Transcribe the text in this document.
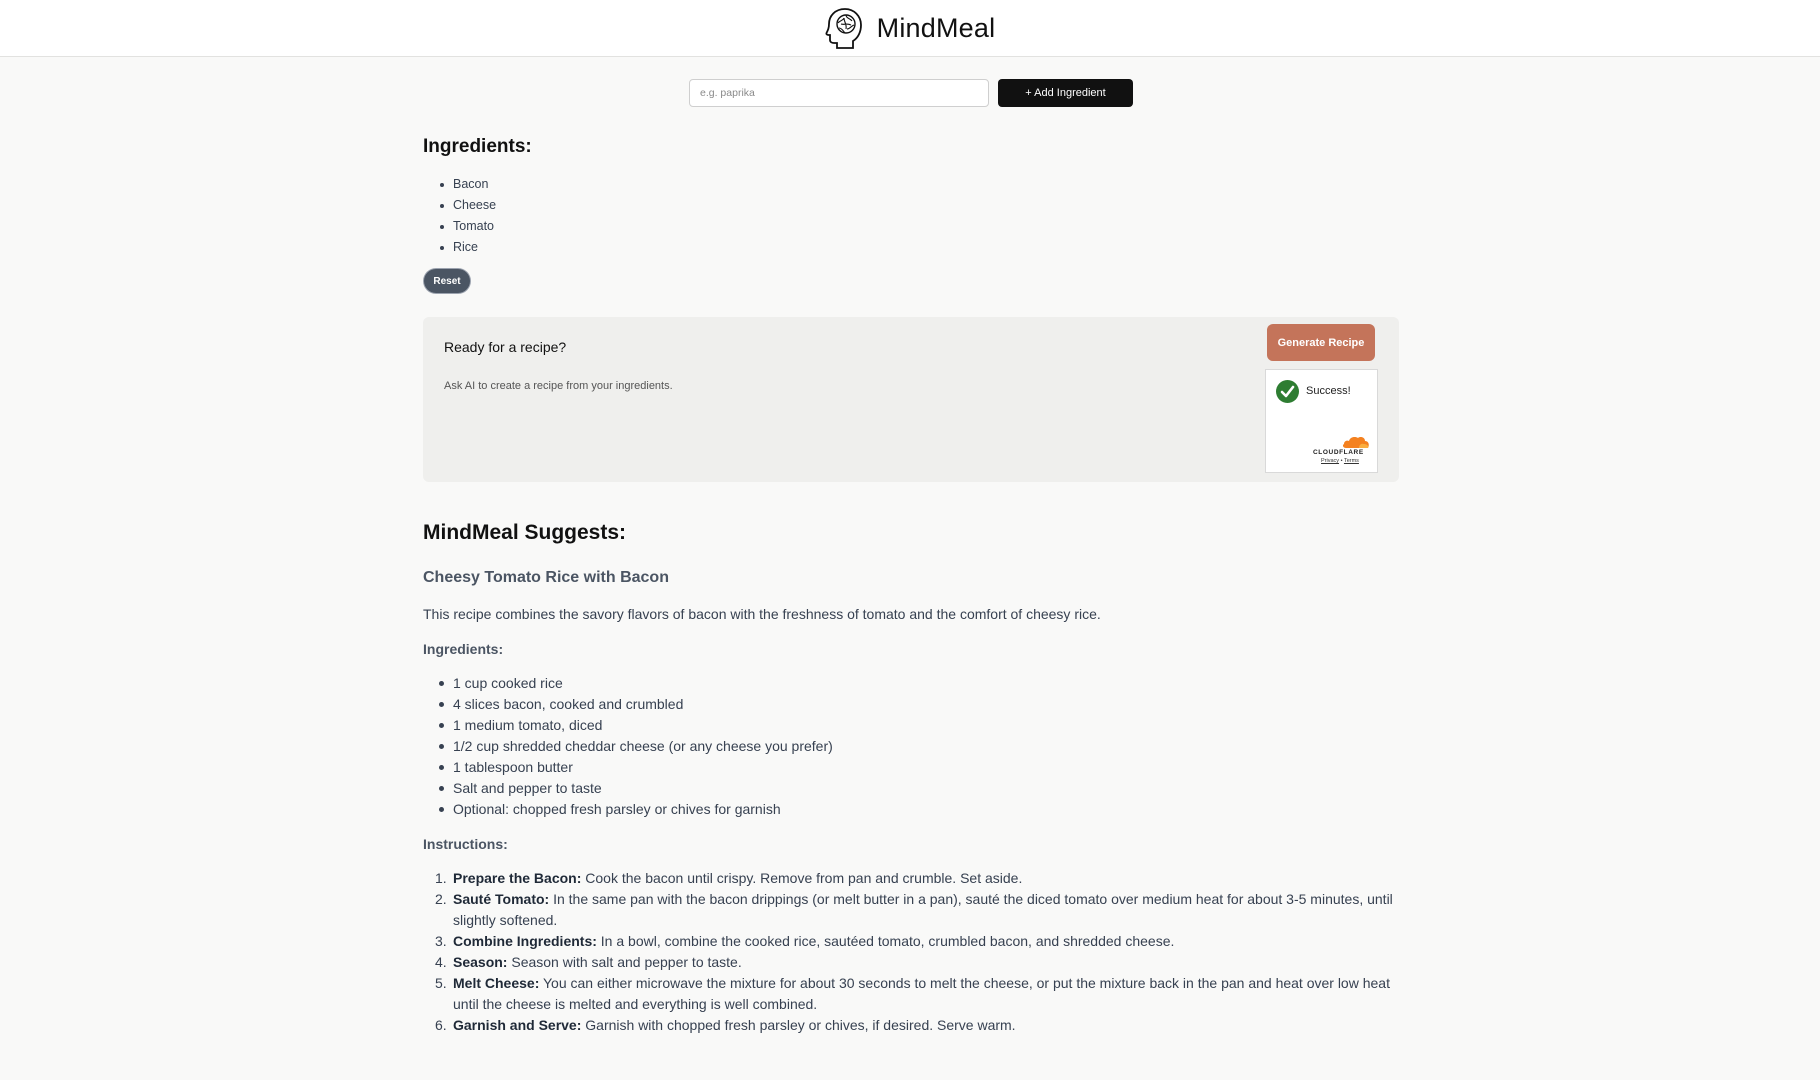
MindMeal
e.g. paprika
+ Add Ingredient
Ingredients:
Bacon
Cheese
Tomato
Rice
Reset
Ready for a recipe?
Ask AI to create a recipe from your ingredients.
Generate Recipe
Success!
CLOUDFLARE
Privacy • Terms
MindMeal Suggests:
Cheesy Tomato Rice with Bacon

This recipe combines the savory flavors of bacon with the freshness of tomato and the comfort of cheesy rice.

Ingredients:
1 cup cooked rice
4 slices bacon, cooked and crumbled
1 medium tomato, diced
1/2 cup shredded cheddar cheese (or any cheese you prefer)
1 tablespoon butter
Salt and pepper to taste
Optional: chopped fresh parsley or chives for garnish
Instructions:
1. Prepare the Bacon: Cook the bacon until crispy. Remove from pan and crumble. Set aside.
2. Sauté Tomato: In the same pan with the bacon drippings (or melt butter in a pan), sauté the diced tomato over medium heat for about 3-5 minutes, until slightly softened.
3. Combine Ingredients: In a bowl, combine the cooked rice, sautéed tomato, crumbled bacon, and shredded cheese.
4. Season: Season with salt and pepper to taste.
5. Melt Cheese: You can either microwave the mixture for about 30 seconds to melt the cheese, or put the mixture back in the pan and heat over low heat until the cheese is melted and everything is well combined.
6. Garnish and Serve: Garnish with chopped fresh parsley or chives, if desired. Serve warm.
